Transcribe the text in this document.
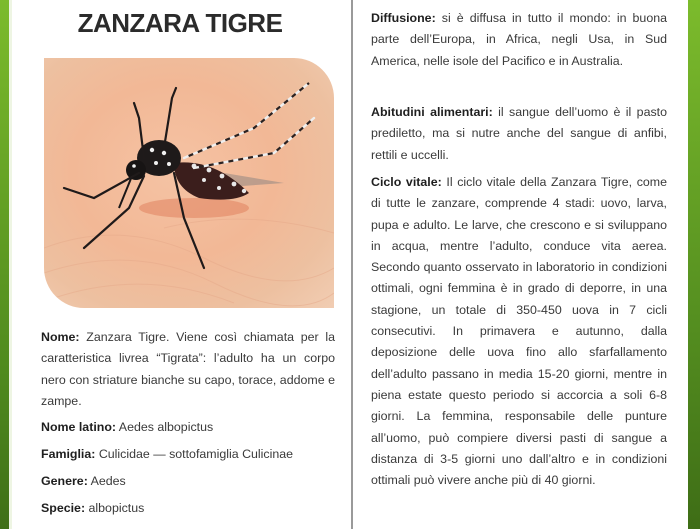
ZANZARA TIGRE
Nome: Zanzara Tigre. Viene così chiamata per la caratteristica livrea “Tigrata”: l’adulto ha un corpo nero con striature bianche su capo, torace, addome e zampe.
Nome latino: Aedes albopictus
Famiglia: Culicidae — sottofamiglia Culicinae
Genere: Aedes
Specie: albopictus
Diffusione: si è diffusa in tutto il mondo: in buona parte dell’Europa, in Africa, negli Usa, in Sud America, nelle isole del Pacifico e in Australia.
Abitudini alimentari: il sangue dell’uomo è il pasto prediletto, ma si nutre anche del sangue di anfibi, rettili e uccelli.
Ciclo vitale: Il ciclo vitale della Zanzara Tigre, come di tutte le zanzare, comprende 4 stadi: uovo, larva, pupa e adulto. Le larve, che crescono e si sviluppano in acqua, mentre l’adulto, conduce vita aerea. Secondo quanto osservato in laboratorio in condizioni ottimali, ogni femmina è in grado di deporre, in una stagione, un totale di 350-450 uova in 7 cicli consecutivi. In primavera e autunno, dalla deposizione delle uova fino allo sfarfallamento dell’adulto passano in media 15-20 giorni, mentre in piena estate questo periodo si accorcia a soli 6-8 giorni. La femmina, responsabile delle punture all’uomo, può compiere diversi pasti di sangue a distanza di 3-5 giorni uno dall’altro e in condizioni ottimali può vivere anche più di 40 giorni.
